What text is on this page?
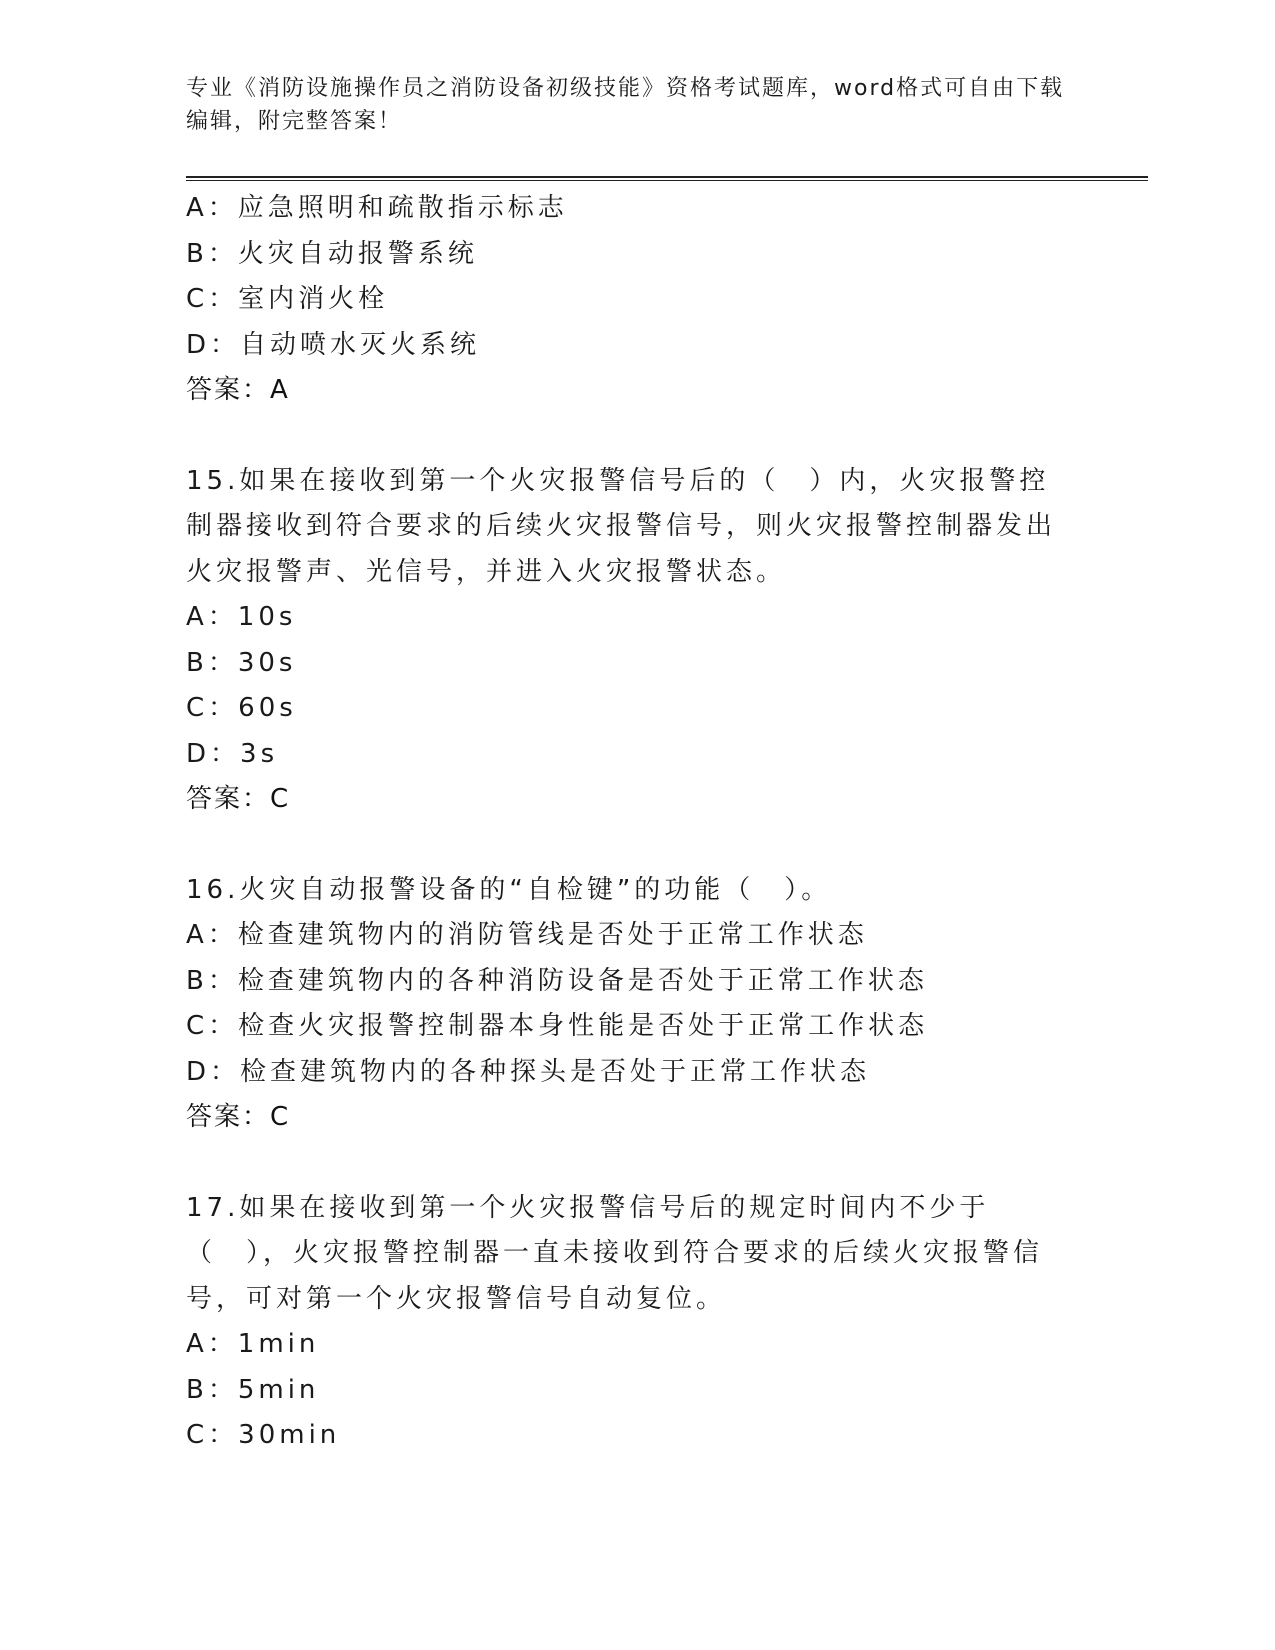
专业《消防设施操作员之消防设备初级技能》资格考试题库，word格式可自由下载编辑，附完整答案！
A：应急照明和疏散指示标志
B：火灾自动报警系统
C：室内消火栓
D：自动喷水灭火系统
答案：A
15.如果在接收到第一个火灾报警信号后的（　）内，火灾报警控制器接收到符合要求的后续火灾报警信号，则火灾报警控制器发出火灾报警声、光信号，并进入火灾报警状态。
A：10s
B：30s
C：60s
D：3s
答案：C
16.火灾自动报警设备的“自检键”的功能（　）。
A：检查建筑物内的消防管线是否处于正常工作状态
B：检查建筑物内的各种消防设备是否处于正常工作状态
C：检查火灾报警控制器本身性能是否处于正常工作状态
D：检查建筑物内的各种探头是否处于正常工作状态
答案：C
17.如果在接收到第一个火灾报警信号后的规定时间内不少于（　），火灾报警控制器一直未接收到符合要求的后续火灾报警信号，可对第一个火灾报警信号自动复位。
A：1min
B：5min
C：30min
